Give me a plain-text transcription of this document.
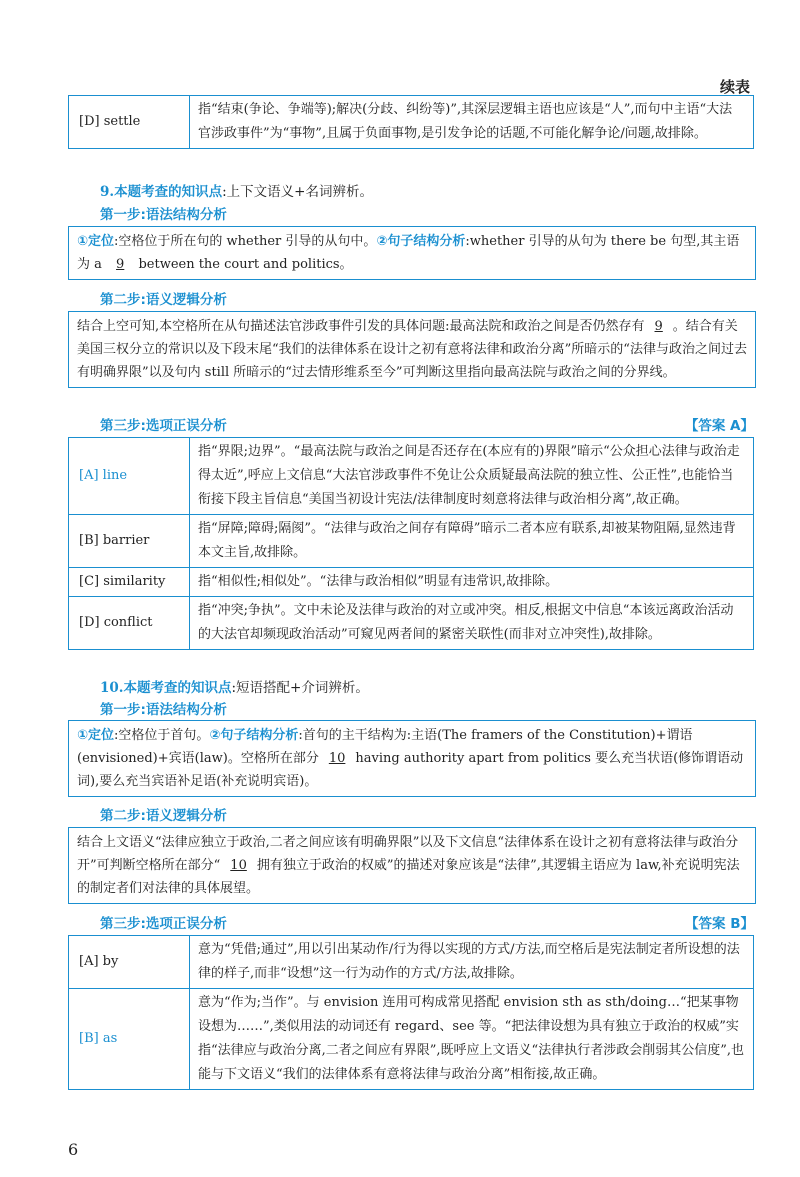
续表
[D] settle	指“结束(争论、争端等);解决(分歧、纠纷等)”,其深层逻辑主语也应该是“人”,而句中主语“大法官涉政事件”为“事物”,且属于负面事物,是引发争论的话题,不可能化解争论/问题,故排除。
9.本题考查的知识点:上下文语义+名词辨析。
第一步:语法结构分析
①定位:空格位于所在句的 whether 引导的从句中。②句子结构分析:whether 引导的从句为 there be 句型,其主语为 a 9 between the court and politics。
第二步:语义逻辑分析
结合上空可知,本空格所在从句描述法官涉政事件引发的具体问题:最高法院和政治之间是否仍然存有 9 。结合有关美国三权分立的常识以及下段末尾“我们的法律体系在设计之初有意将法律和政治分离”所暗示的“法律与政治之间过去有明确界限”以及句内 still 所暗示的“过去情形维系至今”可判断这里指向最高法院与政治之间的分界线。
第三步:选项正误分析	【答案 A】
[A] line	指“界限;边界”。“最高法院与政治之间是否还存在(本应有的)界限”暗示“公众担心法律与政治走得太近”,呼应上文信息“大法官涉政事件不免让公众质疑最高法院的独立性、公正性”,也能恰当衔接下段主旨信息“美国当初设计宪法/法律制度时刻意将法律与政治相分离”,故正确。
[B] barrier	指“屏障;障碍;隔阂”。“法律与政治之间存有障碍”暗示二者本应有联系,却被某物阻隔,显然违背本文主旨,故排除。
[C] similarity	指“相似性;相似处”。“法律与政治相似”明显有违常识,故排除。
[D] conflict	指“冲突;争执”。文中未论及法律与政治的对立或冲突。相反,根据文中信息“本该远离政治活动的大法官却频现政治活动”可窥见两者间的紧密关联性(而非对立冲突性),故排除。
10.本题考查的知识点:短语搭配+介词辨析。
第一步:语法结构分析
①定位:空格位于首句。②句子结构分析:首句的主干结构为:主语(The framers of the Constitution)+谓语(envisioned)+宾语(law)。空格所在部分 10 having authority apart from politics 要么充当状语(修饰谓语动词),要么充当宾语补足语(补充说明宾语)。
第二步:语义逻辑分析
结合上文语义“法律应独立于政治,二者之间应该有明确界限”以及下文信息“法律体系在设计之初有意将法律与政治分开”可判断空格所在部分“ 10 拥有独立于政治的权威”的描述对象应该是“法律”,其逻辑主语应为 law,补充说明宪法的制定者们对法律的具体展望。
第三步:选项正误分析	【答案 B】
[A] by	意为“凭借;通过”,用以引出某动作/行为得以实现的方式/方法,而空格后是宪法制定者所设想的法律的样子,而非“设想”这一行为动作的方式/方法,故排除。
[B] as	意为“作为;当作”。与 envision 连用可构成常见搭配 envision sth as sth/doing…“把某事物设想为……”,类似用法的动词还有 regard、see 等。“把法律设想为具有独立于政治的权威”实指“法律应与政治分离,二者之间应有界限”,既呼应上文语义“法律执行者涉政会削弱其公信度”,也能与下文语义“我们的法律体系有意将法律与政治分离”相衔接,故正确。
6
